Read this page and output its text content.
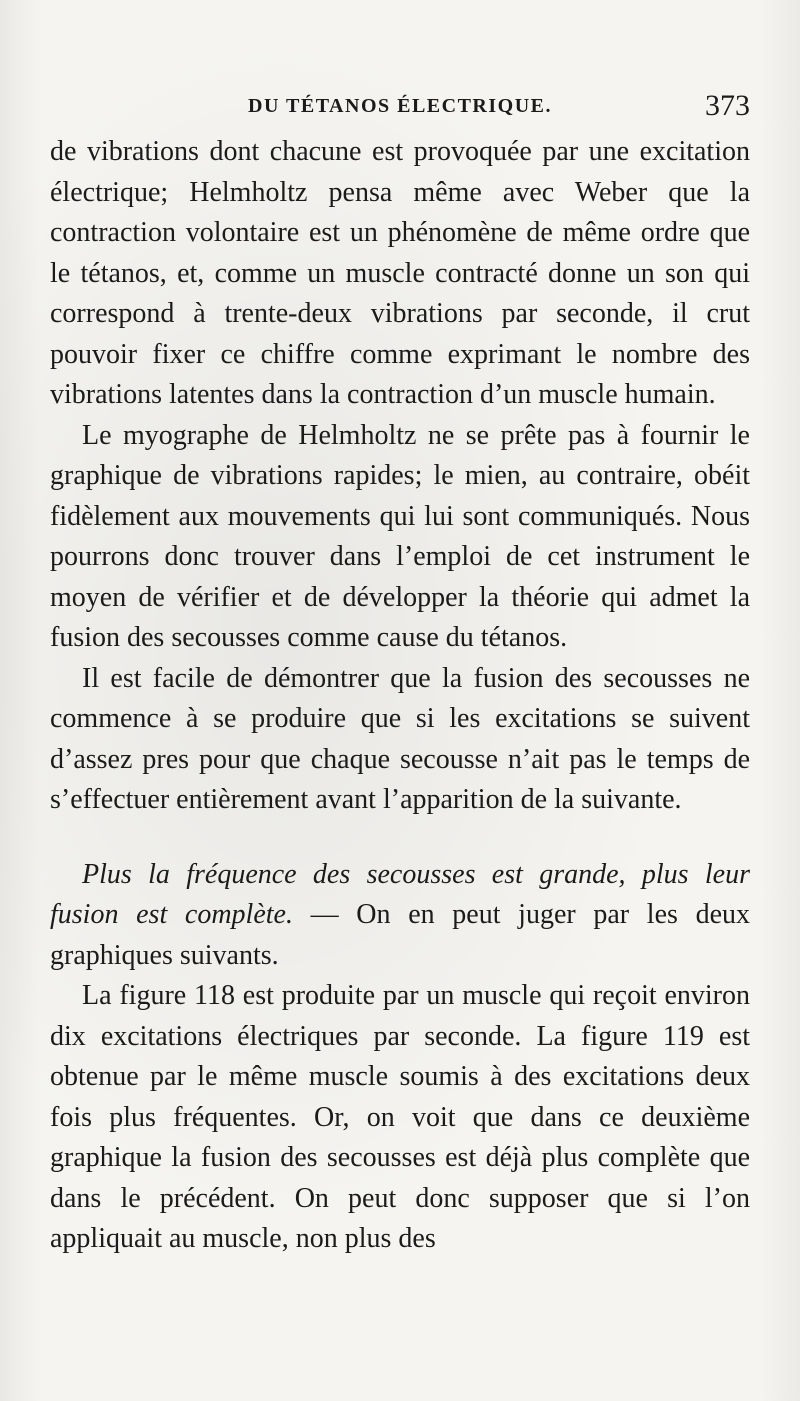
DU TÉTANOS ÉLECTRIQUE.	373

de vibrations dont chacune est provoquée par une excitation électrique; Helmholtz pensa même avec Weber que la contraction volontaire est un phénomène de même ordre que le tétanos, et, comme un muscle contracté donne un son qui correspond à trente-deux vibrations par seconde, il crut pouvoir fixer ce chiffre comme exprimant le nombre des vibrations latentes dans la contraction d’un muscle humain.

Le myographe de Helmholtz ne se prête pas à fournir le graphique de vibrations rapides; le mien, au contraire, obéit fidèlement aux mouvements qui lui sont communiqués. Nous pourrons donc trouver dans l’emploi de cet instrument le moyen de vérifier et de développer la théorie qui admet la fusion des secousses comme cause du tétanos.

Il est facile de démontrer que la fusion des secousses ne commence à se produire que si les excitations se suivent d’assez pres pour que chaque secousse n’ait pas le temps de s’effectuer entièrement avant l’apparition de la suivante.

Plus la fréquence des secousses est grande, plus leur fusion est complète. — On en peut juger par les deux graphiques suivants.

La figure 118 est produite par un muscle qui reçoit environ dix excitations électriques par seconde. La figure 119 est obtenue par le même muscle soumis à des excitations deux fois plus fréquentes. Or, on voit que dans ce deuxième graphique la fusion des secousses est déjà plus complète que dans le précédent. On peut donc supposer que si l’on appliquait au muscle, non plus des
